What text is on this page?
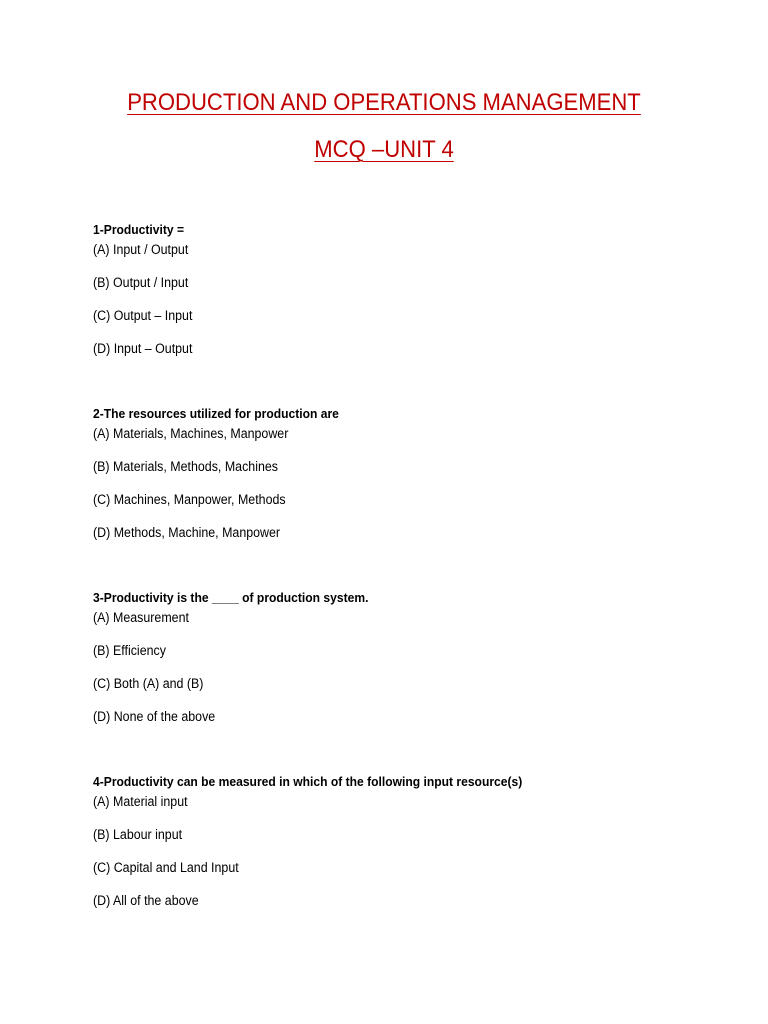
PRODUCTION AND OPERATIONS MANAGEMENT
MCQ –UNIT 4

1-Productivity =

(A) Input / Output

(B) Output / Input

(C) Output – Input

(D) Input – Output

2-The resources utilized for production are

(A) Materials, Machines, Manpower

(B) Materials, Methods, Machines

(C) Machines, Manpower, Methods

(D) Methods, Machine, Manpower

3-Productivity is the ____ of production system.

(A) Measurement

(B) Efficiency

(C) Both (A) and (B)

(D) None of the above

4-Productivity can be measured in which of the following input resource(s)

(A) Material input

(B) Labour input

(C) Capital and Land Input

(D) All of the above
